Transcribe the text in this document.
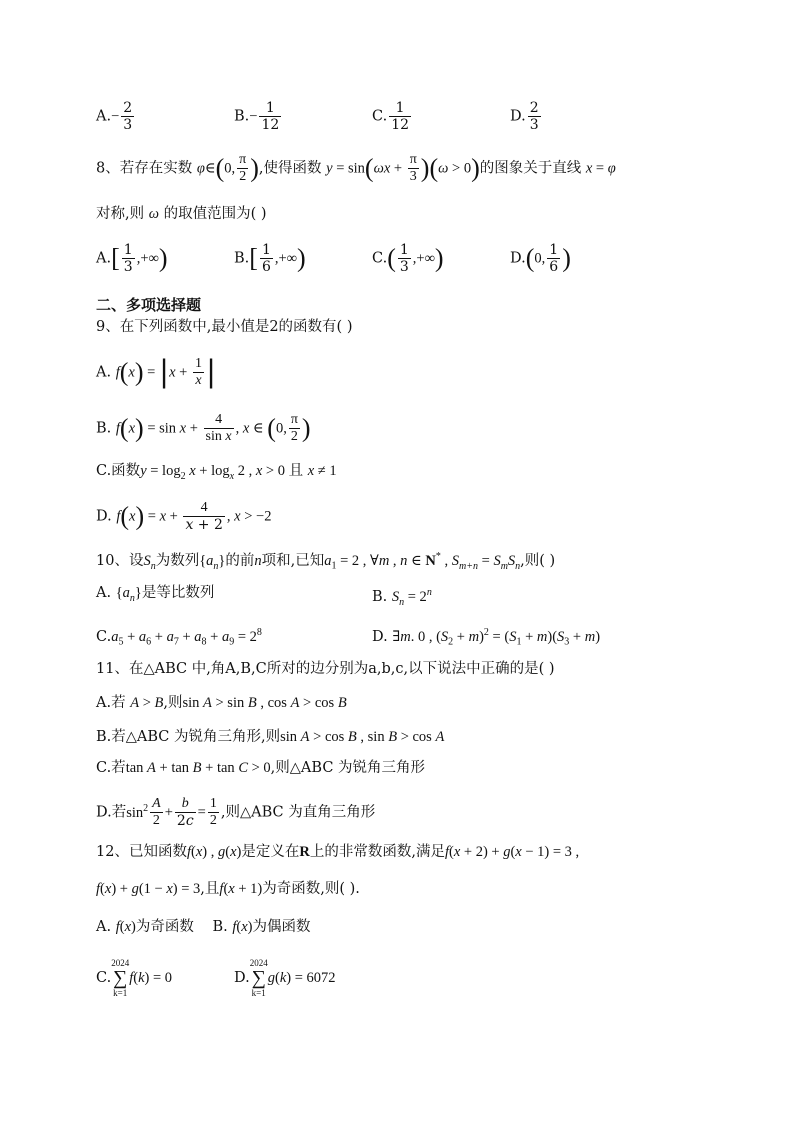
$A.- \frac{2}{3}$	$B.- \frac{1}{12}$	C. $\frac{1}{12}$	D. $\frac{2}{3}$
8、若存在实数 φ∈(0, $\frac{\pi}{2}$ ),使得函数 $y = \sin(\omega x + \frac{\pi}{3} )(\omega > 0)$的图象关于直线 x = φ
对称,则 ω 的取值范围为( )
$A.[ \frac{1}{3}$ ,+∞)	$B.[ \frac{1}{6}$ ,+∞)	$C.( \frac{1}{3}$ ,+∞)	D.(0, $\frac{1}{6}$ )
二、多项选择题
9、在下列函数中,最小值是2的函数有( )
A. $f(x) = |x + \frac{1}{x}$ |
B. $f(x) = \sin x + \frac{4}{\text{sin x}}$ , x ∈ (0, $\frac{\pi}{2}$ )
C.函数$y = \log_2 x + \log_x 2$ , x > 0 且 x ≠ 1
D. $f(x) = x + \frac{4}{x + 2}$ , x > −2
10、设$S_n$为数列$\{a_n\}$的前n项和,已知$a_1 = 2$ , ∀m , n ∈ N* , $S_{m+n} = S_mS_n$,则( )
A. $\{a_n\}$是等比数列	B. $S_n = 2^n$
$C.a_5 + a_6 + a_7 + a_8 + a_9 = 2^8$	D. ∃m. 0 , $(S_2 + m)^2 = (S_1 + m)(S_3 + m)$
11、在△ABC 中,角A,B,C所对的边分别为a,b,c,以下说法中正确的是( )
A.若 A > B,则sin A > sin B , cos A > cos B
B.若△ABC 为锐角三角形,则sin A > cos B , sin B > cos A
C.若tan A + tan B + tan C > 0,则△ABC 为锐角三角形
D.若$\sin^2 \frac{A}{2} + \frac{b}{2c} = \frac{1}{2}$ ,则△ABC 为直角三角形
12、已知函数f(x) , g(x)是定义在R上的非常数函数,满足f(x + 2) + g(x − 1) = 3 ,
f(x) + g(1 − x) = 3,且f(x + 1)为奇函数,则( ).
A. f(x)为奇函数 B. f(x)为偶函数
C.
2024
∑
k=1
f(k) = 0	D.
2024
∑
k=1
g(k) = 6072
